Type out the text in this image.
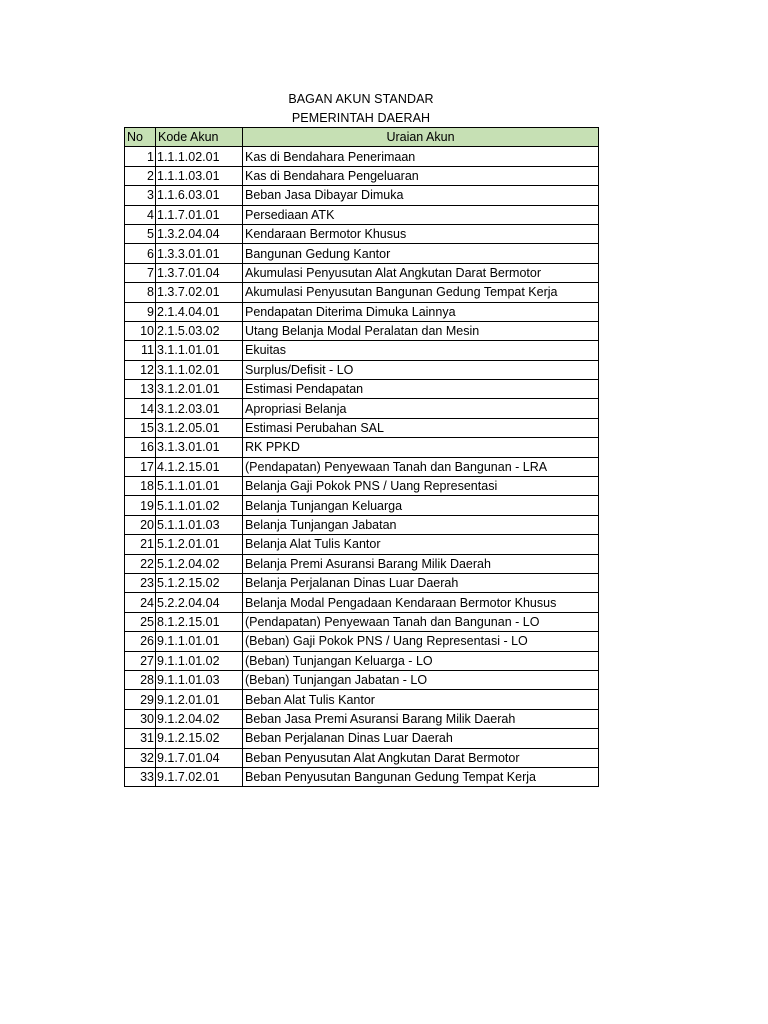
BAGAN AKUN STANDAR
PEMERINTAH DAERAH
No	Kode Akun	Uraian Akun
1	1.1.1.02.01	Kas di Bendahara Penerimaan
2	1.1.1.03.01	Kas di Bendahara Pengeluaran
3	1.1.6.03.01	Beban Jasa Dibayar Dimuka
4	1.1.7.01.01	Persediaan ATK
5	1.3.2.04.04	Kendaraan Bermotor Khusus
6	1.3.3.01.01	Bangunan Gedung Kantor
7	1.3.7.01.04	Akumulasi Penyusutan Alat Angkutan Darat Bermotor
8	1.3.7.02.01	Akumulasi Penyusutan Bangunan Gedung Tempat Kerja
9	2.1.4.04.01	Pendapatan Diterima Dimuka Lainnya
10	2.1.5.03.02	Utang Belanja Modal Peralatan dan Mesin
11	3.1.1.01.01	Ekuitas
12	3.1.1.02.01	Surplus/Defisit - LO
13	3.1.2.01.01	Estimasi Pendapatan
14	3.1.2.03.01	Apropriasi Belanja
15	3.1.2.05.01	Estimasi Perubahan SAL
16	3.1.3.01.01	RK PPKD
17	4.1.2.15.01	(Pendapatan) Penyewaan Tanah dan Bangunan - LRA
18	5.1.1.01.01	Belanja Gaji Pokok PNS / Uang Representasi
19	5.1.1.01.02	Belanja Tunjangan Keluarga
20	5.1.1.01.03	Belanja Tunjangan Jabatan
21	5.1.2.01.01	Belanja Alat Tulis Kantor
22	5.1.2.04.02	Belanja Premi Asuransi Barang Milik Daerah
23	5.1.2.15.02	Belanja Perjalanan Dinas Luar Daerah
24	5.2.2.04.04	Belanja Modal Pengadaan Kendaraan Bermotor Khusus
25	8.1.2.15.01	(Pendapatan) Penyewaan Tanah dan Bangunan - LO
26	9.1.1.01.01	(Beban) Gaji Pokok PNS / Uang Representasi - LO
27	9.1.1.01.02	(Beban) Tunjangan Keluarga - LO
28	9.1.1.01.03	(Beban) Tunjangan Jabatan - LO
29	9.1.2.01.01	Beban Alat Tulis Kantor
30	9.1.2.04.02	Beban Jasa Premi Asuransi Barang Milik Daerah
31	9.1.2.15.02	Beban Perjalanan Dinas Luar Daerah
32	9.1.7.01.04	Beban Penyusutan Alat Angkutan Darat Bermotor
33	9.1.7.02.01	Beban Penyusutan Bangunan Gedung Tempat Kerja
